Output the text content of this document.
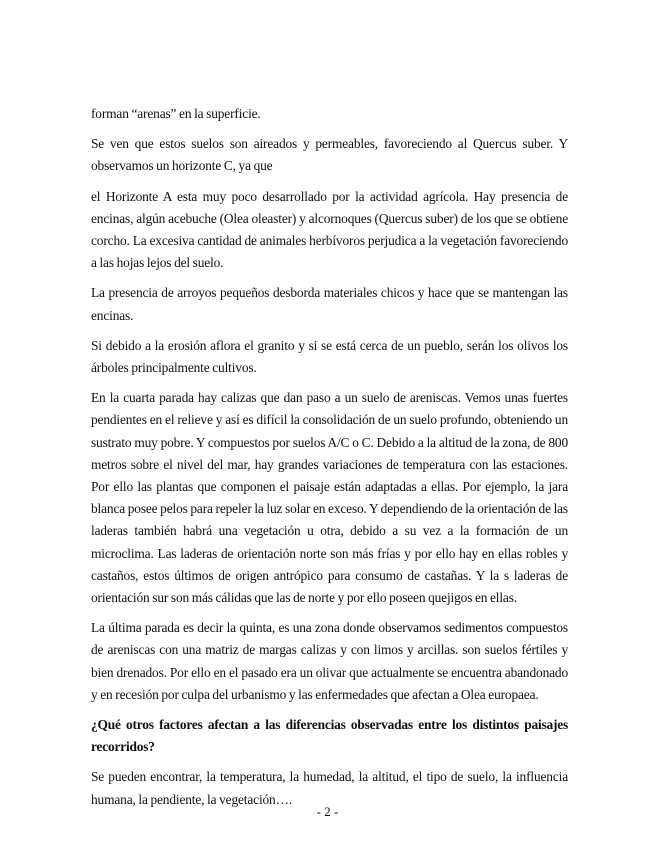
forman “arenas” en la superficie.

Se ven que estos suelos son aireados y permeables, favoreciendo al Quercus suber. Y observamos un horizonte C, ya que

el Horizonte A esta muy poco desarrollado por la actividad agrícola. Hay presencia de encinas, algún acebuche (Olea oleaster) y alcornoques (Quercus suber) de los que se obtiene corcho. La excesiva cantidad de animales herbívoros perjudica a la vegetación favoreciendo a las hojas lejos del suelo.

La presencia de arroyos pequeños desborda materiales chicos y hace que se mantengan las encinas.

Si debido a la erosión aflora el granito y si se está cerca de un pueblo, serán los olivos los árboles principalmente cultivos.

En la cuarta parada hay calizas que dan paso a un suelo de areniscas. Vemos unas fuertes pendientes en el relieve y así es difícil la consolidación de un suelo profundo, obteniendo un sustrato muy pobre. Y compuestos por suelos A/C o C. Debido a la altitud de la zona, de 800 metros sobre el nivel del mar, hay grandes variaciones de temperatura con las estaciones. Por ello las plantas que componen el paisaje están adaptadas a ellas. Por ejemplo, la jara blanca posee pelos para repeler la luz solar en exceso. Y dependiendo de la orientación de las laderas también habrá una vegetación u otra, debido a su vez a la formación de un microclima. Las laderas de orientación norte son más frías y por ello hay en ellas robles y castaños, estos últimos de origen antrópico para consumo de castañas. Y la s laderas de orientación sur son más cálidas que las de norte y por ello poseen quejigos en ellas.

La última parada es decir la quinta, es una zona donde observamos sedimentos compuestos de areniscas con una matriz de margas calizas y con limos y arcillas. son suelos fértiles y bien drenados. Por ello en el pasado era un olivar que actualmente se encuentra abandonado y en recesión por culpa del urbanismo y las enfermedades que afectan a Olea europaea.

¿Qué otros factores afectan a las diferencias observadas entre los distintos paisajes recorridos?

Se pueden encontrar, la temperatura, la humedad, la altitud, el tipo de suelo, la influencia humana, la pendiente, la vegetación….

- 2 -
